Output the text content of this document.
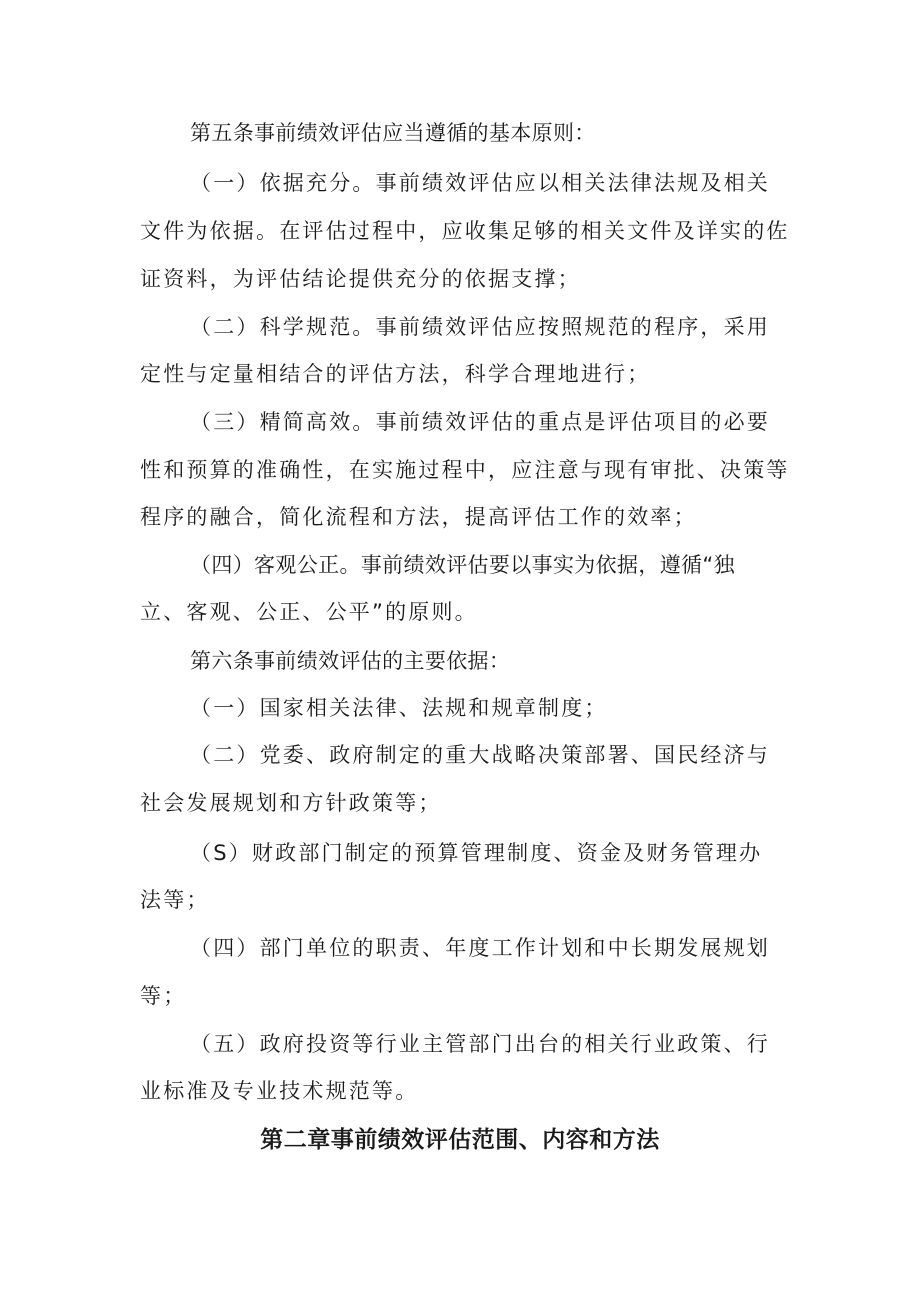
第五条事前绩效评估应当遵循的基本原则：
（一）依据充分。事前绩效评估应以相关法律法规及相关
文件为依据。在评估过程中，应收集足够的相关文件及详实的佐
证资料，为评估结论提供充分的依据支撑；
（二）科学规范。事前绩效评估应按照规范的程序，采用
定性与定量相结合的评估方法，科学合理地进行；
（三）精简高效。事前绩效评估的重点是评估项目的必要
性和预算的准确性，在实施过程中，应注意与现有审批、决策等
程序的融合，简化流程和方法，提高评估工作的效率；
（四）客观公正。事前绩效评估要以事实为依据，遵循“独
立、客观、公正、公平”的原则。
第六条事前绩效评估的主要依据：
（一）国家相关法律、法规和规章制度；
（二）党委、政府制定的重大战略决策部署、国民经济与
社会发展规划和方针政策等；
（S）财政部门制定的预算管理制度、资金及财务管理办
法等；
（四）部门单位的职责、年度工作计划和中长期发展规划
等；
（五）政府投资等行业主管部门出台的相关行业政策、行
业标准及专业技术规范等。
第二章事前绩效评估范围、内容和方法
